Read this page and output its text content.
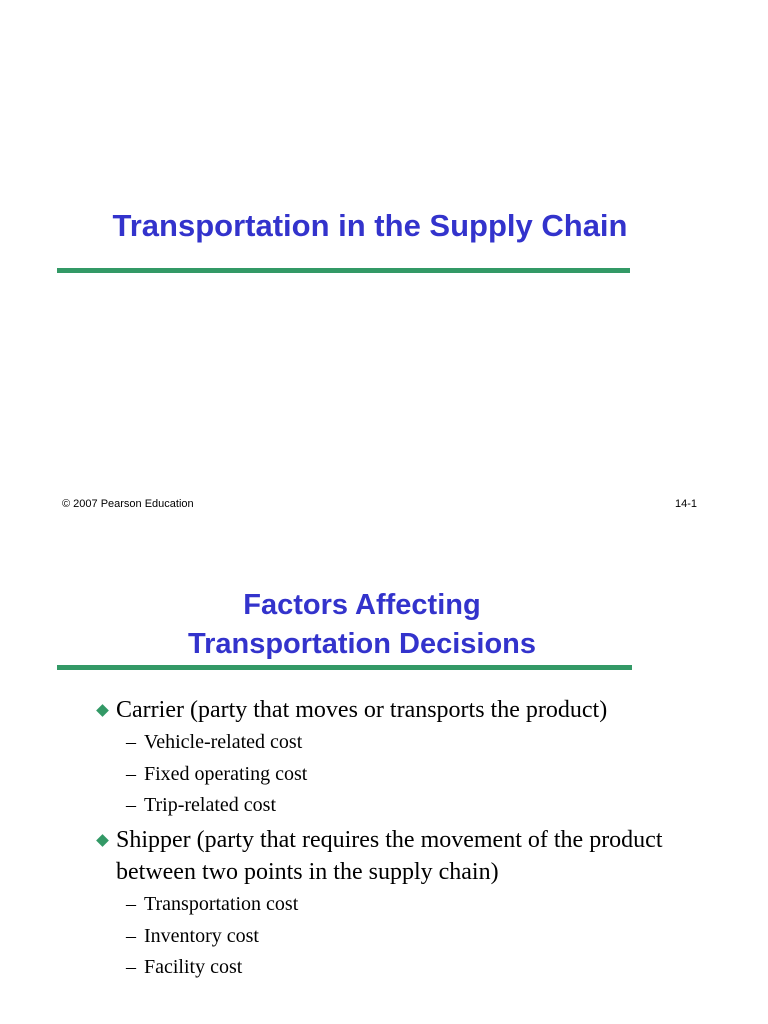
Transportation in the Supply Chain
© 2007 Pearson Education	14-1
Factors Affecting
Transportation Decisions
Carrier (party that moves or transports the product)
– Vehicle-related cost
– Fixed operating cost
– Trip-related cost
Shipper (party that requires the movement of the product between two points in the supply chain)
– Transportation cost
– Inventory cost
– Facility cost
